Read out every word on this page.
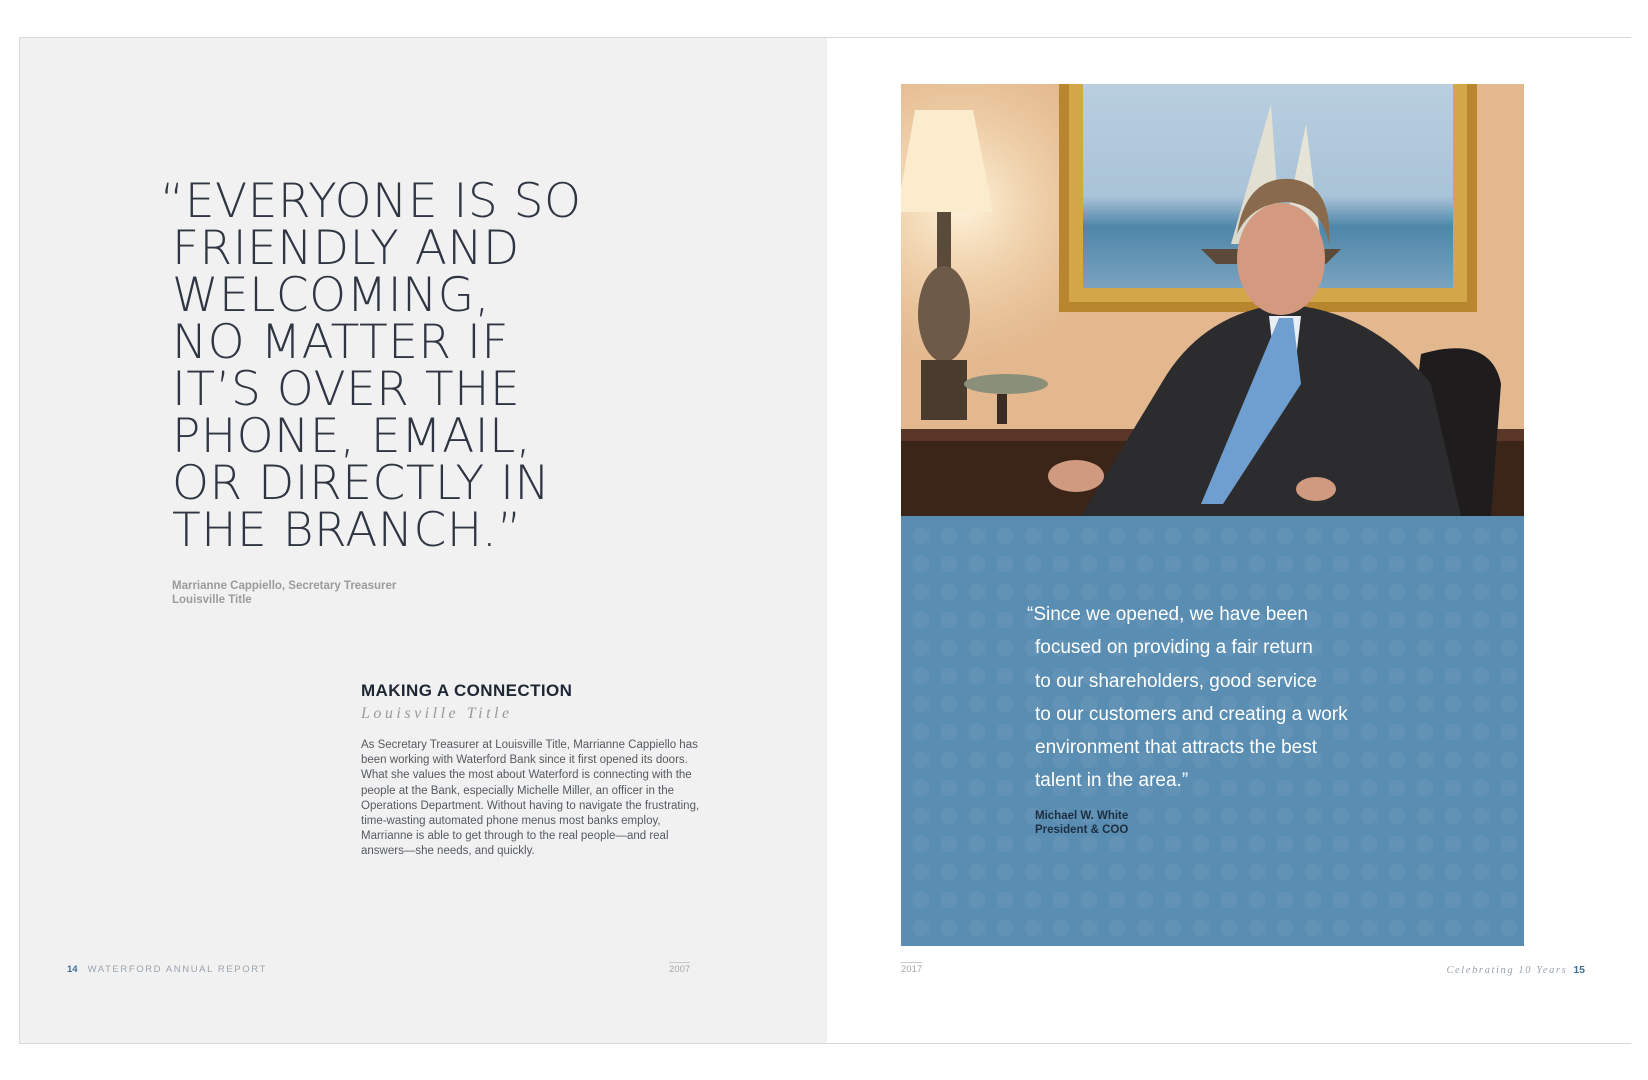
“EVERYONE IS SO
FRIENDLY AND
WELCOMING,
NO MATTER IF
IT’S OVER THE
PHONE, EMAIL,
OR DIRECTLY IN
THE BRANCH.”

Marrianne Cappiello, Secretary Treasurer
Louisville Title
MAKING A CONNECTION
Louisville Title

As Secretary Treasurer at Louisville Title, Marrianne Cappiello has been working with Waterford Bank since it first opened its doors. What she values the most about Waterford is connecting with the people at the Bank, especially Michelle Miller, an officer in the Operations Department. Without having to navigate the frustrating, time-wasting automated phone menus most banks employ, Marrianne is able to get through to the real people—and real answers—she needs, and quickly.

14 WATERFORD ANNUAL REPORT	2007

“Since we opened, we have been
focused on providing a fair return
to our shareholders, good service
to our customers and creating a work
environment that attracts the best
talent in the area.”

Michael W. White
President & COO
2017	Celebrating 10 Years 15
